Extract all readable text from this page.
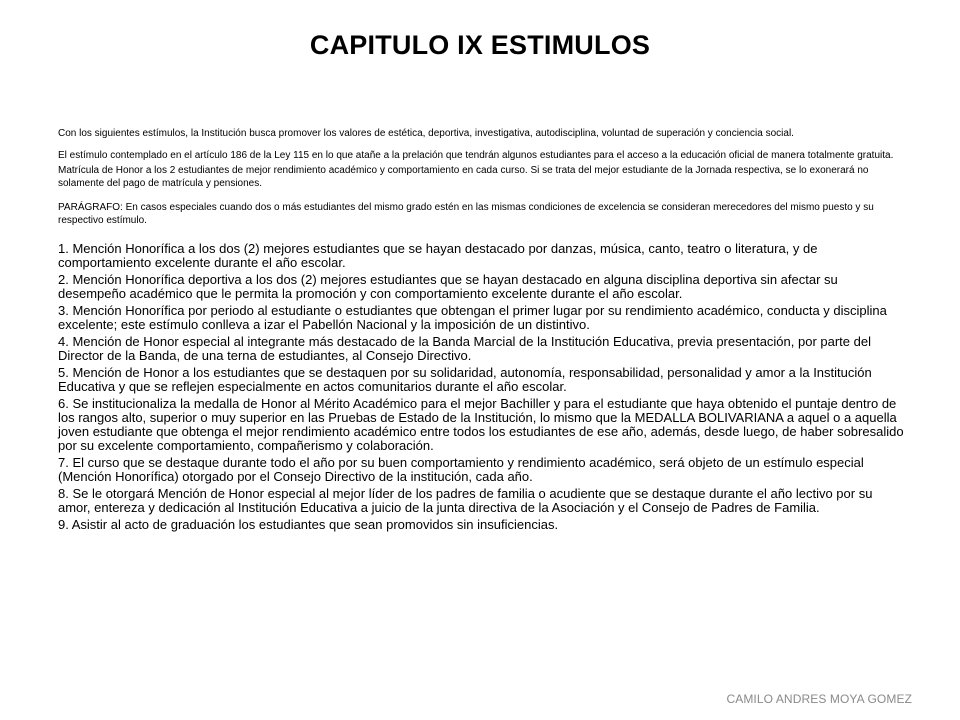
CAPITULO IX ESTIMULOS

Con los siguientes estímulos, la Institución busca promover los valores de estética, deportiva, investigativa, autodisciplina, voluntad de superación y conciencia social.

El estímulo contemplado en el artículo 186 de la Ley 115 en lo que atañe a la prelación que tendrán algunos estudiantes para el acceso a la educación oficial de manera totalmente gratuita.

Matrícula de Honor a los 2 estudiantes de mejor rendimiento académico y comportamiento en cada curso. Si se trata del mejor estudiante de la Jornada respectiva, se lo exonerará no solamente del pago de matrícula y pensiones.

PARÁGRAFO: En casos especiales cuando dos o más estudiantes del mismo grado estén en las mismas condiciones de excelencia se consideran merecedores del mismo puesto y su respectivo estímulo.

1. Mención Honorífica a los dos (2) mejores estudiantes que se hayan destacado por danzas, música, canto, teatro o literatura, y de comportamiento excelente durante el año escolar.
2. Mención Honorífica deportiva a los dos (2) mejores estudiantes que se hayan destacado en alguna disciplina deportiva sin afectar su desempeño académico que le permita la promoción y con comportamiento excelente durante el año escolar.
3. Mención Honorífica por periodo al estudiante o estudiantes que obtengan el primer lugar por su rendimiento académico, conducta y disciplina excelente; este estímulo conlleva a izar el Pabellón Nacional y la imposición de un distintivo.
4. Mención de Honor especial al integrante más destacado de la Banda Marcial de la Institución Educativa, previa presentación, por parte del Director de la Banda, de una terna de estudiantes, al Consejo Directivo.
5. Mención de Honor a los estudiantes que se destaquen por su solidaridad, autonomía, responsabilidad, personalidad y amor a la Institución Educativa y que se reflejen especialmente en actos comunitarios durante el año escolar.
6. Se institucionaliza la medalla de Honor al Mérito Académico para el mejor Bachiller y para el estudiante que haya obtenido el puntaje dentro de los rangos alto, superior o muy superior en las Pruebas de Estado de la Institución, lo mismo que la MEDALLA BOLIVARIANA a aquel o a aquella joven estudiante que obtenga el mejor rendimiento académico entre todos los estudiantes de ese año, además, desde luego, de haber sobresalido por su excelente comportamiento, compañerismo y colaboración.
7. El curso que se destaque durante todo el año por su buen comportamiento y rendimiento académico, será objeto de un estímulo especial (Mención Honorífica) otorgado por el Consejo Directivo de la institución, cada año.
8. Se le otorgará Mención de Honor especial al mejor líder de los padres de familia o acudiente que se destaque durante el año lectivo por su amor, entereza y dedicación al Institución Educativa a juicio de la junta directiva de la Asociación y el Consejo de Padres de Familia.
9. Asistir al acto de graduación los estudiantes que sean promovidos sin insuficiencias.
CAMILO ANDRES MOYA GOMEZ
